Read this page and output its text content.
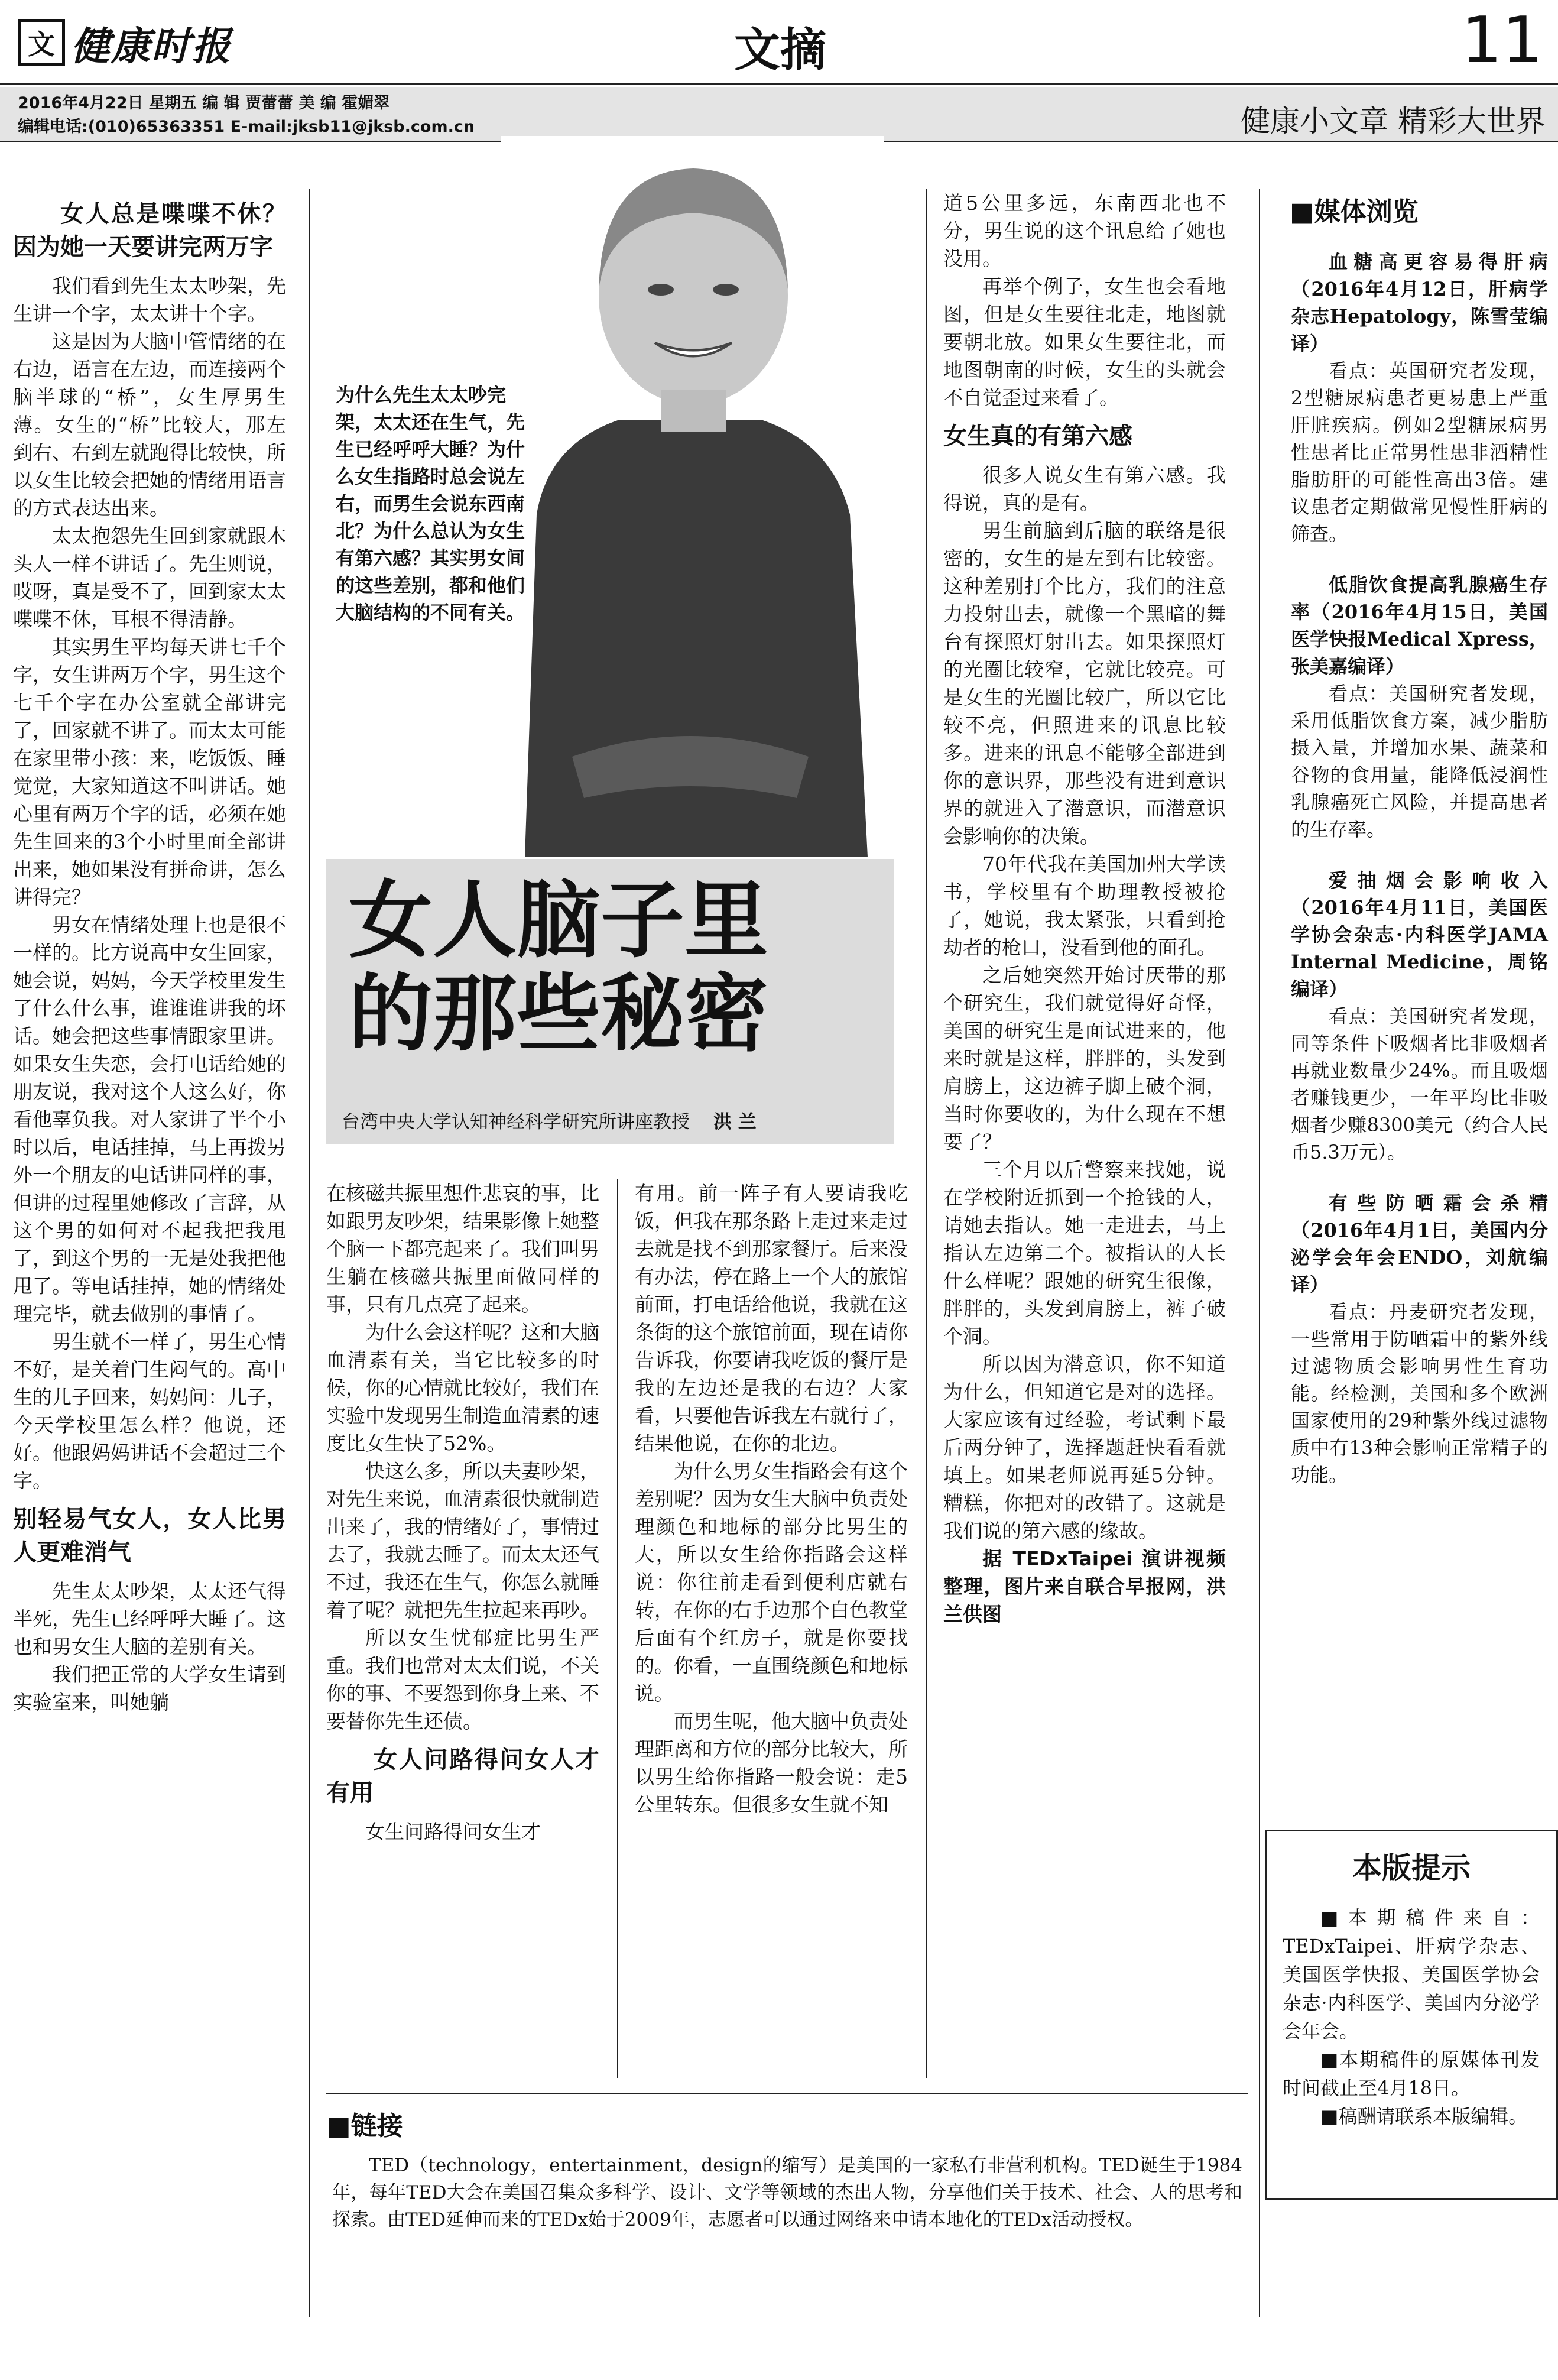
文 健康时报	文摘	11
2016年4月22日 星期五 编 辑 贾蕾蕾 美 编 霍媚翠
编辑电话:(010)65363351 E-mail:jksb11@jksb.com.cn	健康小文章 精彩大世界
女人总是喋喋不休？因为她一天要讲完两万字

我们看到先生太太吵架，先生讲一个字，太太讲十个字。

这是因为大脑中管情绪的在右边，语言在左边，而连接两个脑半球的“桥”，女生厚男生薄。女生的“桥”比较大，那左到右、右到左就跑得比较快，所以女生比较会把她的情绪用语言的方式表达出来。

太太抱怨先生回到家就跟木头人一样不讲话了。先生则说，哎呀，真是受不了，回到家太太喋喋不休，耳根不得清静。

其实男生平均每天讲七千个字，女生讲两万个字，男生这个七千个字在办公室就全部讲完了，回家就不讲了。而太太可能在家里带小孩：来，吃饭饭、睡觉觉，大家知道这不叫讲话。她心里有两万个字的话，必须在她先生回来的3个小时里面全部讲出来，她如果没有拼命讲，怎么讲得完？

男女在情绪处理上也是很不一样的。比方说高中女生回家，她会说，妈妈，今天学校里发生了什么什么事，谁谁谁讲我的坏话。她会把这些事情跟家里讲。如果女生失恋，会打电话给她的朋友说，我对这个人这么好，你看他辜负我。对人家讲了半个小时以后，电话挂掉，马上再拨另外一个朋友的电话讲同样的事，但讲的过程里她修改了言辞，从这个男的如何对不起我把我甩了，到这个男的一无是处我把他甩了。等电话挂掉，她的情绪处理完毕，就去做别的事情了。

男生就不一样了，男生心情不好，是关着门生闷气的。高中生的儿子回来，妈妈问：儿子，今天学校里怎么样？他说，还好。他跟妈妈讲话不会超过三个字。

别轻易气女人，女人比男人更难消气

先生太太吵架，太太还气得半死，先生已经呼呼大睡了。这也和男女生大脑的差别有关。

我们把正常的大学女生请到实验室来，叫她躺

为什么先生太太吵完架，太太还在生气，先生已经呼呼大睡？为什么女生指路时总会说左右，而男生会说东西南北？为什么总认为女生有第六感？其实男女间的这些差别，都和他们大脑结构的不同有关。
女人脑子里
的那些秘密
台湾中央大学认知神经科学研究所讲座教授 洪 兰

在核磁共振里想件悲哀的事，比如跟男友吵架，结果影像上她整个脑一下都亮起来了。我们叫男生躺在核磁共振里面做同样的事，只有几点亮了起来。

为什么会这样呢？这和大脑血清素有关，当它比较多的时候，你的心情就比较好，我们在实验中发现男生制造血清素的速度比女生快了52%。

快这么多，所以夫妻吵架，对先生来说，血清素很快就制造出来了，我的情绪好了，事情过去了，我就去睡了。而太太还气不过，我还在生气，你怎么就睡着了呢？就把先生拉起来再吵。

所以女生忧郁症比男生严重。我们也常对太太们说，不关你的事、不要怨到你身上来、不要替你先生还债。

女人问路得问女人才有用

女生问路得问女生才

有用。前一阵子有人要请我吃饭，但我在那条路上走过来走过去就是找不到那家餐厅。后来没有办法，停在路上一个大的旅馆前面，打电话给他说，我就在这条街的这个旅馆前面，现在请你告诉我，你要请我吃饭的餐厅是我的左边还是我的右边？大家看，只要他告诉我左右就行了，结果他说，在你的北边。

为什么男女生指路会有这个差别呢？因为女生大脑中负责处理颜色和地标的部分比男生的大，所以女生给你指路会这样说：你往前走看到便利店就右转，在你的右手边那个白色教堂后面有个红房子，就是你要找的。你看，一直围绕颜色和地标说。

而男生呢，他大脑中负责处理距离和方位的部分比较大，所以男生给你指路一般会说：走5公里转东。但很多女生就不知

道5公里多远，东南西北也不分，男生说的这个讯息给了她也没用。

再举个例子，女生也会看地图，但是女生要往北走，地图就要朝北放。如果女生要往北，而地图朝南的时候，女生的头就会不自觉歪过来看了。

女生真的有第六感

很多人说女生有第六感。我得说，真的是有。

男生前脑到后脑的联络是很密的，女生的是左到右比较密。这种差别打个比方，我们的注意力投射出去，就像一个黑暗的舞台有探照灯射出去。如果探照灯的光圈比较窄，它就比较亮。可是女生的光圈比较广，所以它比较不亮，但照进来的讯息比较多。进来的讯息不能够全部进到你的意识界，那些没有进到意识界的就进入了潜意识，而潜意识会影响你的决策。

70年代我在美国加州大学读书，学校里有个助理教授被抢了，她说，我太紧张，只看到抢劫者的枪口，没看到他的面孔。

之后她突然开始讨厌带的那个研究生，我们就觉得好奇怪，美国的研究生是面试进来的，他来时就是这样，胖胖的，头发到肩膀上，这边裤子脚上破个洞，当时你要收的，为什么现在不想要了？

三个月以后警察来找她，说在学校附近抓到一个抢钱的人，请她去指认。她一走进去，马上指认左边第二个。被指认的人长什么样呢？跟她的研究生很像，胖胖的，头发到肩膀上，裤子破个洞。

所以因为潜意识，你不知道为什么，但知道它是对的选择。大家应该有过经验，考试剩下最后两分钟了，选择题赶快看看就填上。如果老师说再延5分钟。糟糕，你把对的改错了。这就是我们说的第六感的缘故。

据 TEDxTaipei 演讲视频整理，图片来自联合早报网，洪兰供图

■媒体浏览

血糖高更容易得肝病（2016年4月12日，肝病学杂志Hepatology，陈雪莹编译）

看点：英国研究者发现，2型糖尿病患者更易患上严重肝脏疾病。例如2型糖尿病男性患者比正常男性患非酒精性脂肪肝的可能性高出3倍。建议患者定期做常见慢性肝病的筛查。

低脂饮食提高乳腺癌生存率（2016年4月15日，美国医学快报Medical Xpress，张美嘉编译）

看点：美国研究者发现，采用低脂饮食方案，减少脂肪摄入量，并增加水果、蔬菜和谷物的食用量，能降低浸润性乳腺癌死亡风险，并提高患者的生存率。

爱抽烟会影响收入（2016年4月11日，美国医学协会杂志·内科医学JAMA Internal Medicine，周铭编译）

看点：美国研究者发现，同等条件下吸烟者比非吸烟者再就业数量少24%。而且吸烟者赚钱更少，一年平均比非吸烟者少赚8300美元（约合人民币5.3万元）。

有些防晒霜会杀精（2016年4月1日，美国内分泌学会年会ENDO，刘航编译）

看点：丹麦研究者发现，一些常用于防晒霜中的紫外线过滤物质会影响男性生育功能。经检测，美国和多个欧洲国家使用的29种紫外线过滤物质中有13种会影响正常精子的功能。

本版提示

■本期稿件来自：TEDxTaipei、肝病学杂志、美国医学快报、美国医学协会杂志·内科医学、美国内分泌学会年会。

■本期稿件的原媒体刊发时间截止至4月18日。

■稿酬请联系本版编辑。

■链接

TED（technology，entertainment，design的缩写）是美国的一家私有非营利机构。TED诞生于1984年，每年TED大会在美国召集众多科学、设计、文学等领域的杰出人物，分享他们关于技术、社会、人的思考和探索。由TED延伸而来的TEDx始于2009年，志愿者可以通过网络来申请本地化的TEDx活动授权。
